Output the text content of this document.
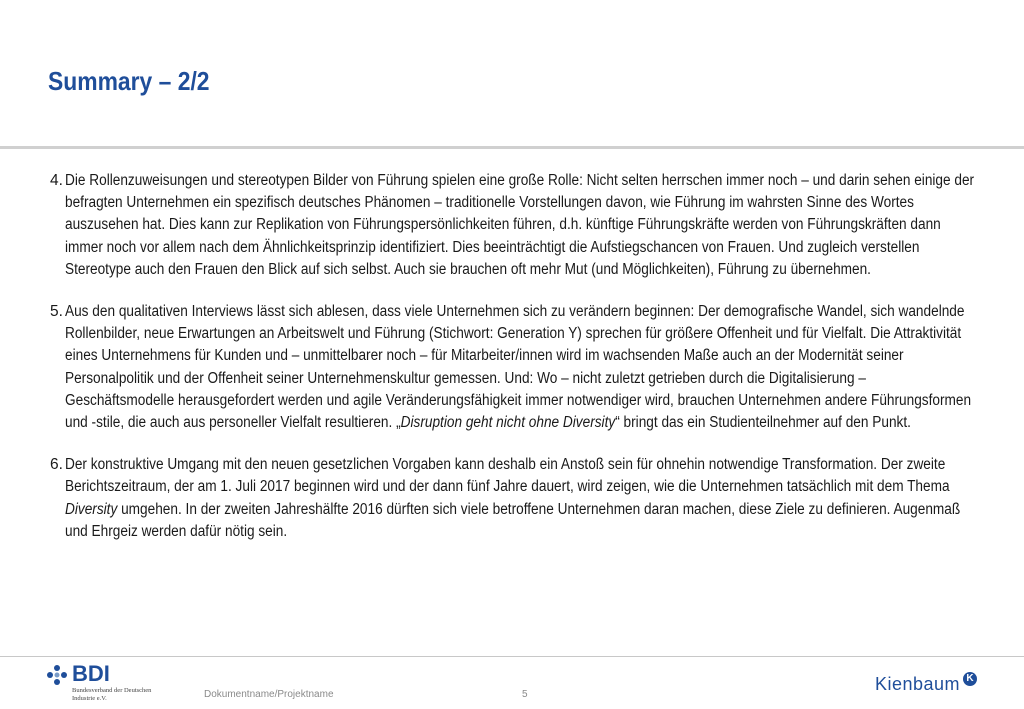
Summary – 2/2
4. Die Rollenzuweisungen und stereotypen Bilder von Führung spielen eine große Rolle: Nicht selten herrschen immer noch – und darin sehen einige der befragten Unternehmen ein spezifisch deutsches Phänomen – traditionelle Vorstellungen davon, wie Führung im wahrsten Sinne des Wortes auszusehen hat. Dies kann zur Replikation von Führungspersönlichkeiten führen, d.h. künftige Führungskräfte werden von Führungskräften dann immer noch vor allem nach dem Ähnlichkeitsprinzip identifiziert. Dies beeinträchtigt die Aufstiegschancen von Frauen. Und zugleich verstellen Stereotype auch den Frauen den Blick auf sich selbst. Auch sie brauchen oft mehr Mut (und Möglichkeiten), Führung zu übernehmen.
5. Aus den qualitativen Interviews lässt sich ablesen, dass viele Unternehmen sich zu verändern beginnen: Der demografische Wandel, sich wandelnde Rollenbilder, neue Erwartungen an Arbeitswelt und Führung (Stichwort: Generation Y) sprechen für größere Offenheit und für Vielfalt. Die Attraktivität eines Unternehmens für Kunden und – unmittelbarer noch – für Mitarbeiter/innen wird im wachsenden Maße auch an der Modernität seiner Personalpolitik und der Offenheit seiner Unternehmenskultur gemessen. Und: Wo – nicht zuletzt getrieben durch die Digitalisierung – Geschäftsmodelle herausgefordert werden und agile Veränderungsfähigkeit immer notwendiger wird, brauchen Unternehmen andere Führungsformen und -stile, die auch aus personeller Vielfalt resultieren. „Disruption geht nicht ohne Diversity“ bringt das ein Studienteilnehmer auf den Punkt.
6. Der konstruktive Umgang mit den neuen gesetzlichen Vorgaben kann deshalb ein Anstoß sein für ohnehin notwendige Transformation. Der zweite Berichtszeitraum, der am 1. Juli 2017 beginnen wird und der dann fünf Jahre dauert, wird zeigen, wie die Unternehmen tatsächlich mit dem Thema Diversity umgehen. In der zweiten Jahreshälfte 2016 dürften sich viele betroffene Unternehmen daran machen, diese Ziele zu definieren. Augenmaß und Ehrgeiz werden dafür nötig sein.
BDI
Bundesverband der Deutschen Industrie e.V.	Dokumentname/Projektname	5
Kienbaum K
